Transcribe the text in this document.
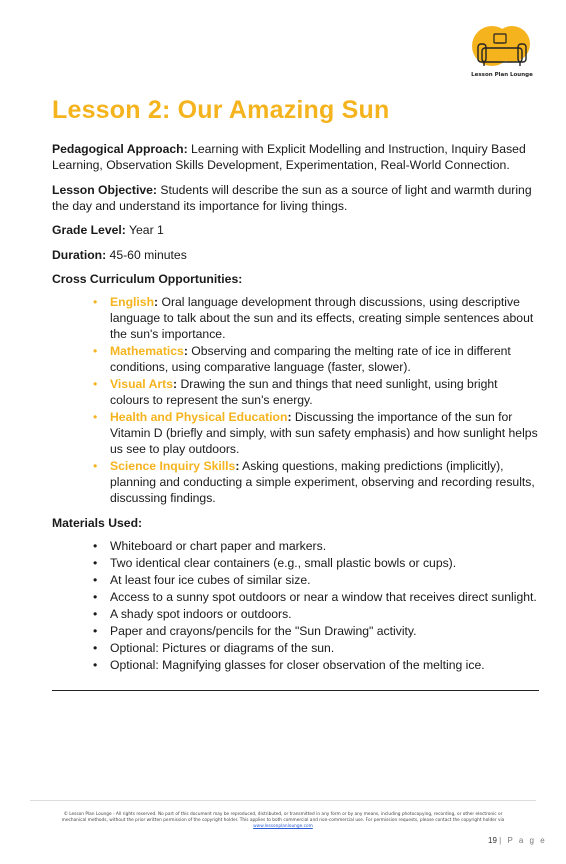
Lesson Plan Lounge
Lesson 2: Our Amazing Sun

Pedagogical Approach: Learning with Explicit Modelling and Instruction, Inquiry Based Learning, Observation Skills Development, Experimentation, Real-World Connection.

Lesson Objective: Students will describe the sun as a source of light and warmth during the day and understand its importance for living things.

Grade Level: Year 1

Duration: 45-60 minutes

Cross Curriculum Opportunities:

• English: Oral language development through discussions, using descriptive language to talk about the sun and its effects, creating simple sentences about the sun's importance.
• Mathematics: Observing and comparing the melting rate of ice in different conditions, using comparative language (faster, slower).
• Visual Arts: Drawing the sun and things that need sunlight, using bright colours to represent the sun's energy.
• Health and Physical Education: Discussing the importance of the sun for Vitamin D (briefly and simply, with sun safety emphasis) and how sunlight helps us see to play outdoors.
• Science Inquiry Skills: Asking questions, making predictions (implicitly), planning and conducting a simple experiment, observing and recording results, discussing findings.

Materials Used:

• Whiteboard or chart paper and markers.
• Two identical clear containers (e.g., small plastic bowls or cups).
• At least four ice cubes of similar size.
• Access to a sunny spot outdoors or near a window that receives direct sunlight.
• A shady spot indoors or outdoors.
• Paper and crayons/pencils for the "Sun Drawing" activity.
• Optional: Pictures or diagrams of the sun.
• Optional: Magnifying glasses for closer observation of the melting ice.
© Lesson Plan Lounge - All rights reserved. No part of this document may be reproduced, distributed, or transmitted in any form or by any means, including photocopying, recording, or other electronic or mechanical methods, without the prior written permission of the copyright holder. This applies to both commercial and non-commercial use. For permission requests, please contact the copyright holder via
www.lessonplanlounge.com
19 | P a g e
